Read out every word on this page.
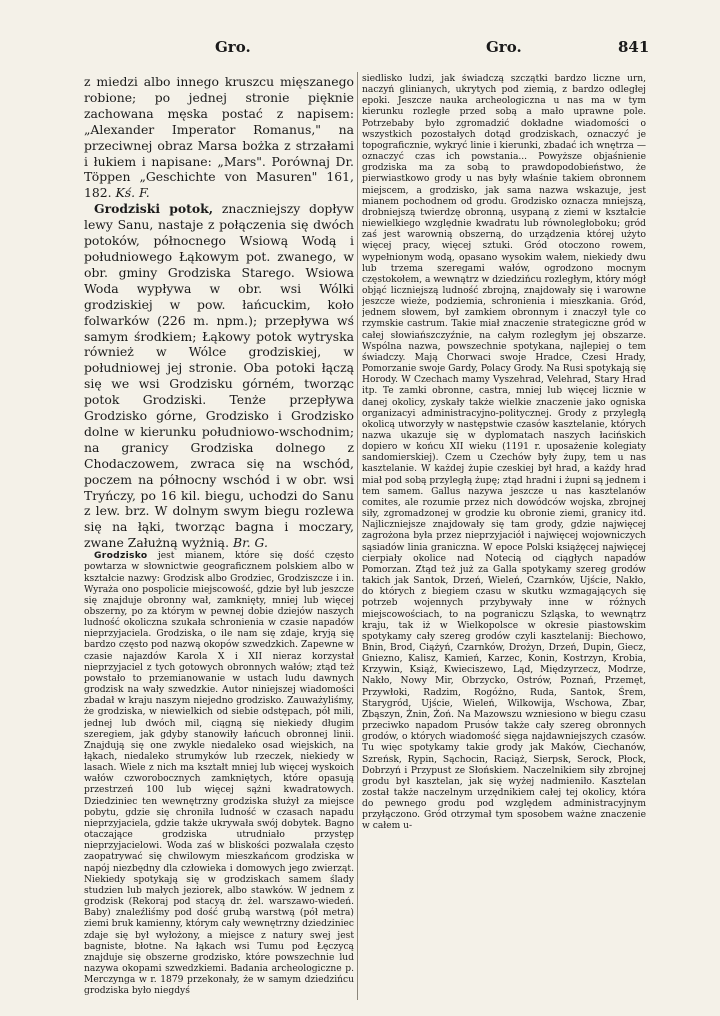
Gro.	Gro.	841

z miedzi albo innego kruszcu mięszanego robione; po jednej stronie pięknie zachowana męska postać z napisem: „Alexander Imperator Romanus," na przeciwnej obraz Marsa bożka z strzałami i łukiem i napisane: „Mars". Porównaj Dr. Töppen „Geschichte von Masuren" 161, 182. Kś. F.

Grodziski potok, znaczniejszy dopływ lewy Sanu, nastaje z połączenia się dwóch potoków, północnego Wsiową Wodą i południowego Łąkowym pot. zwanego, w obr. gminy Grodziska Starego. Wsiowa Woda wypływa w obr. wsi Wólki grodziskiej w pow. łańcuckim, koło folwarków (226 m. npm.); przepływa wś samym środkiem; Łąkowy potok wytryska również w Wólce grodziskiej, w południowej jej stronie. Oba potoki łączą się we wsi Grodzisku górném, tworząc potok Grodziski. Tenże przepływa Grodzisko górne, Grodzisko i Grodzisko dolne w kierunku południowo-wschodnim; na granicy Grodziska dolnego z Chodaczowem, zwraca się na wschód, poczem na północny wschód i w obr. wsi Tryńczy, po 16 kil. biegu, uchodzi do Sanu z lew. brz. W dolnym swym biegu rozlewa się na łąki, tworząc bagna i moczary, zwane Załużną wyżnią. Br. G.

Grodzisko jest mianem, które się dość często powtarza w słownictwie geograficznem polskiem albo w kształcie nazwy: Grodzisk albo Grodziec, Grodziszcze i in. Wyraża ono pospolicie miejscowość, gdzie był lub jeszcze się znajduje obronny wał, zamknięty, mniej lub więcej obszerny, po za którym w pewnej dobie dziejów naszych ludność okoliczna szukała schronienia w czasie napadów nieprzyjaciela. Grodziska, o ile nam się zdaje, kryją się bardzo często pod nazwą okopów szwedzkich. Zapewne w czasie najazdów Karola X i XII nieraz korzystał nieprzyjaciel z tych gotowych obronnych wałów; ztąd też powstało to przemianowanie w ustach ludu dawnych grodzisk na wały szwedzkie. Autor niniejszej wiadomości zbadał w kraju naszym niejedno grodzisko. Zauważyliśmy, że grodziska, w niewielkich od siebie odstępach, pół mili, jednej lub dwóch mil, ciągną się niekiedy długim szeregiem, jak gdyby stanowiły łańcuch obronnej linii. Znajdują się one zwykle niedaleko osad wiejskich, na łąkach, niedaleko strumyków lub rzeczek, niekiedy w lasach. Wiele z nich ma kształt mniej lub więcej wyskoich wałów czworobocznych zamkniętych, które opasują przestrzeń 100 lub więcej sążni kwadratowych. Dziedziniec ten wewnętrzny grodziska służył za miejsce pobytu, gdzie się chroniła ludność w czasach napadu nieprzyjaciela, gdzie także ukrywała swój dobytek. Bagno otaczające grodziska utrudniało przystęp nieprzyjacielowi. Woda zaś w bliskości pozwalała często zaopatrywać się chwilowym mieszkańcom grodziska w napój niezbędny dla człowieka i domowych jego zwierząt. Niekiedy spotykają się w grodziskach samem ślady studzien lub małych jeziorek, albo stawków. W jednem z grodzisk (Rekoraj pod stacyą dr. żel. warszawo-wiedeń. Baby) znaleźliśmy pod dość grubą warstwą (pół metra) ziemi bruk kamienny, którym cały wewnętrzny dziedziniec zdaje się był wyłożony, a miejsce z natury swej jest bagniste, błotne. Na łąkach wsi Tumu pod Łęczycą znajduje się obszerne grodzisko, które powszechnie lud nazywa okopami szwedzkiemi. Badania archeologiczne p. Merczynga w r. 1879 przekonały, że w samym dziedzińcu grodziska było niegdyś

siedlisko ludzi, jak świadczą szczątki bardzo liczne urn, naczyń glinianych, ukrytych pod ziemią, z bardzo odległej epoki. Jeszcze nauka archeologiczna u nas ma w tym kierunku rozległe przed sobą a mało uprawne pole. Potrzebaby było zgromadzić dokładne wiadomości o wszystkich pozostałych dotąd grodziskach, oznaczyć je topograficznie, wykryć linie i kierunki, zbadać ich wnętrza — oznaczyć czas ich powstania... Powyższe objaśnienie grodziska ma za sobą to prawdopodobieństwo, że pierwiastkowo grody u nas były właśnie takiem obronnem miejscem, a grodzisko, jak sama nazwa wskazuje, jest mianem pochodnem od grodu. Grodzisko oznacza mniejszą, drobniejszą twierdzę obronną, usypaną z ziemi w kształcie niewielkiego względnie kwadratu lub równoległoboku; gród zaś jest warownią obszerną, do urządzenia której użyto więcej pracy, więcej sztuki. Gród otoczono rowem, wypełnionym wodą, opasano wysokim wałem, niekiedy dwu lub trzema szeregami wałów, ogrodzono mocnym częstokołem, a wewnątrz w dziedzińcu rozległym, który mógł objąć liczniejszą ludność zbrojną, znajdowały się i warowne jeszcze wieże, podziemia, schronienia i mieszkania. Gród, jednem słowem, był zamkiem obronnym i znaczył tyle co rzymskie castrum. Takie miał znaczenie strategiczne gród w całej słowiańszczyźnie, na całym rozległym jej obszarze. Wspólna nazwa, powszechnie spotykana, najlepiej o tem świadczy. Mają Chorwaci swoje Hradce, Czesi Hrady, Pomorzanie swoje Gardy, Polacy Grody. Na Rusi spotykają się Horody. W Czechach mamy Vyszehrad, Velehrad, Stary Hrad itp. Te zamki obronne, castra, mniej lub więcej licznie w danej okolicy, zyskały także wielkie znaczenie jako ogniska organizacyi administracyjno-politycznej. Grody z przyległą okolicą utworzyły w następstwie czasów kasztelanie, których nazwa ukazuje się w dyplomatach naszych łacińskich dopiero w końcu XII wieku (1191 r. uposażenie kolegiaty sandomierskiej). Czem u Czechów były żupy, tem u nas kasztelanie. W każdej żupie czeskiej był hrad, a każdy hrad miał pod sobą przyległą żupę; ztąd hradni i żupni są jednem i tem samem. Gallus nazywa jeszcze u nas kasztelanów comites, ale rozumie przez nich dowódców wojska, zbrojnej siły, zgromadzonej w grodzie ku obronie ziemi, granicy itd. Najliczniejsze znajdowały się tam grody, gdzie najwięcej zagrożona była przez nieprzyjaciół i najwięcej wojowniczych sąsiadów linia graniczna. W epoce Polski książęcej najwięcej cierpiały okolice nad Notecią od ciągłych napadów Pomorzan. Ztąd też już za Galla spotykamy szereg grodów takich jak Santok, Drzeń, Wieleń, Czarnków, Ujście, Nakło, do których z biegiem czasu w skutku wzmagających się potrzeb wojennych przybywały inne w różnych miejscowościach, to na pograniczu Szląska, to wewnątrz kraju, tak iż w Wielkopolsce w okresie piastowskim spotykamy cały szereg grodów czyli kasztelanij: Biechowo, Bnin, Brod, Ciążyń, Czarnków, Drożyn, Drzeń, Dupin, Giecz, Gniezno, Kalisz, Kamień, Karzec, Konin, Kostrzyn, Krobia, Krzywin, Książ, Kwieciszewo, Ląd, Międzyrzecz, Modrze, Nakło, Nowy Mir, Obrzycko, Ostrów, Poznań, Przemęt, Przywłoki, Radzim, Rogóżno, Ruda, Santok, Śrem, Starygród, Ujście, Wieleń, Wilkowija, Wschowa, Zbar, Zbąszyn, Żnin, Żoń. Na Mazowszu wzniesiono w biegu czasu przeciwko napadom Prusów także cały szereg obronnych grodów, o których wiadomość sięga najdawniejszych czasów. Tu więc spotykamy takie grody jak Maków, Ciechanów, Szreńsk, Rypin, Sąchocin, Raciąż, Sierpsk, Serock, Płock, Dobrzyń i Przypust ze Słońskiem. Naczelnikiem siły zbrojnej grodu był kasztelan, jak się wyżej nadmieniło. Kasztelan został także naczelnym urzędnikiem całej tej okolicy, która do pewnego grodu pod względem administracyjnym przyłączono. Gród otrzymał tym sposobem ważne znaczenie w całem u-
